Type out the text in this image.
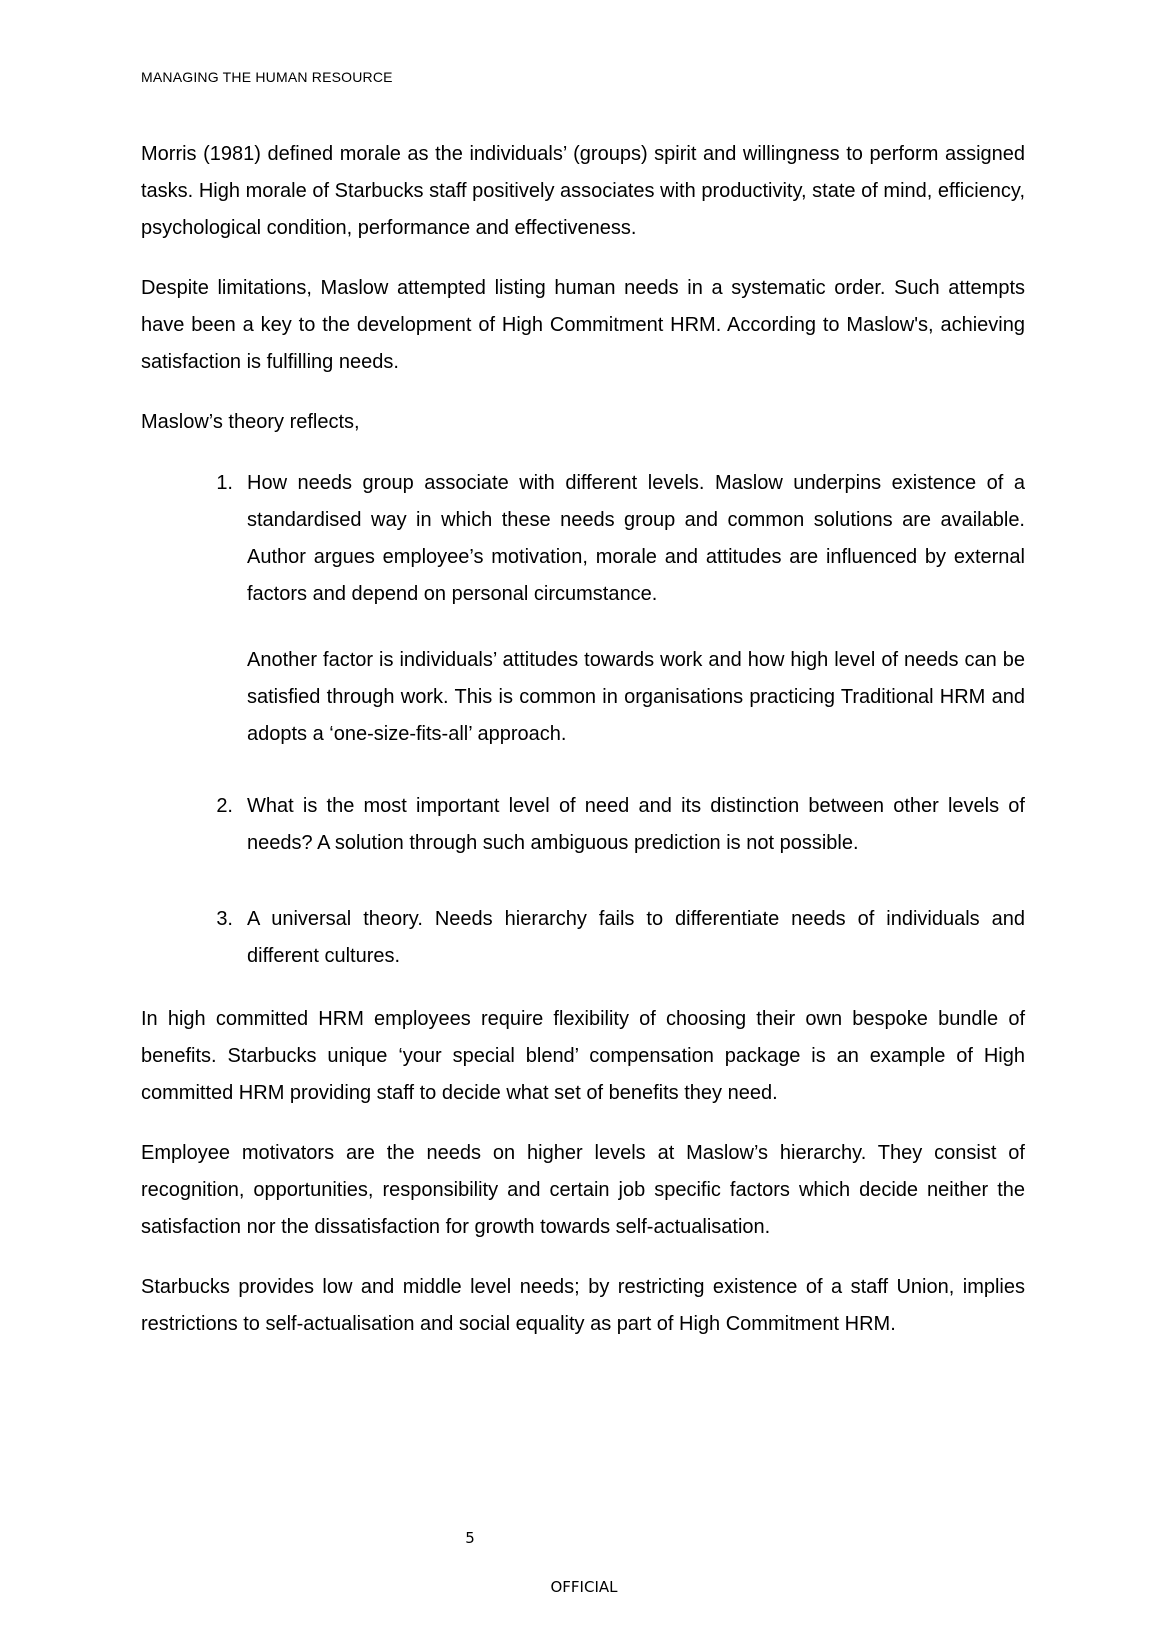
MANAGING THE HUMAN RESOURCE

Morris (1981) defined morale as the individuals’ (groups) spirit and willingness to perform assigned tasks. High morale of Starbucks staff positively associates with productivity, state of mind, efficiency, psychological condition, performance and effectiveness.

Despite limitations, Maslow attempted listing human needs in a systematic order. Such attempts have been a key to the development of High Commitment HRM. According to Maslow's, achieving satisfaction is fulfilling needs.

Maslow’s theory reflects,

1. How needs group associate with different levels. Maslow underpins existence of a standardised way in which these needs group and common solutions are available. Author argues employee’s motivation, morale and attitudes are influenced by external factors and depend on personal circumstance.

Another factor is individuals’ attitudes towards work and how high level of needs can be satisfied through work. This is common in organisations practicing Traditional HRM and adopts a ‘one-size-fits-all’ approach.

2. What is the most important level of need and its distinction between other levels of needs? A solution through such ambiguous prediction is not possible.

3. A universal theory. Needs hierarchy fails to differentiate needs of individuals and different cultures.

In high committed HRM employees require flexibility of choosing their own bespoke bundle of benefits. Starbucks unique ‘your special blend’ compensation package is an example of High committed HRM providing staff to decide what set of benefits they need.

Employee motivators are the needs on higher levels at Maslow’s hierarchy. They consist of recognition, opportunities, responsibility and certain job specific factors which decide neither the satisfaction nor the dissatisfaction for growth towards self-actualisation.

Starbucks provides low and middle level needs; by restricting existence of a staff Union, implies restrictions to self-actualisation and social equality as part of High Commitment HRM.

5
OFFICIAL
